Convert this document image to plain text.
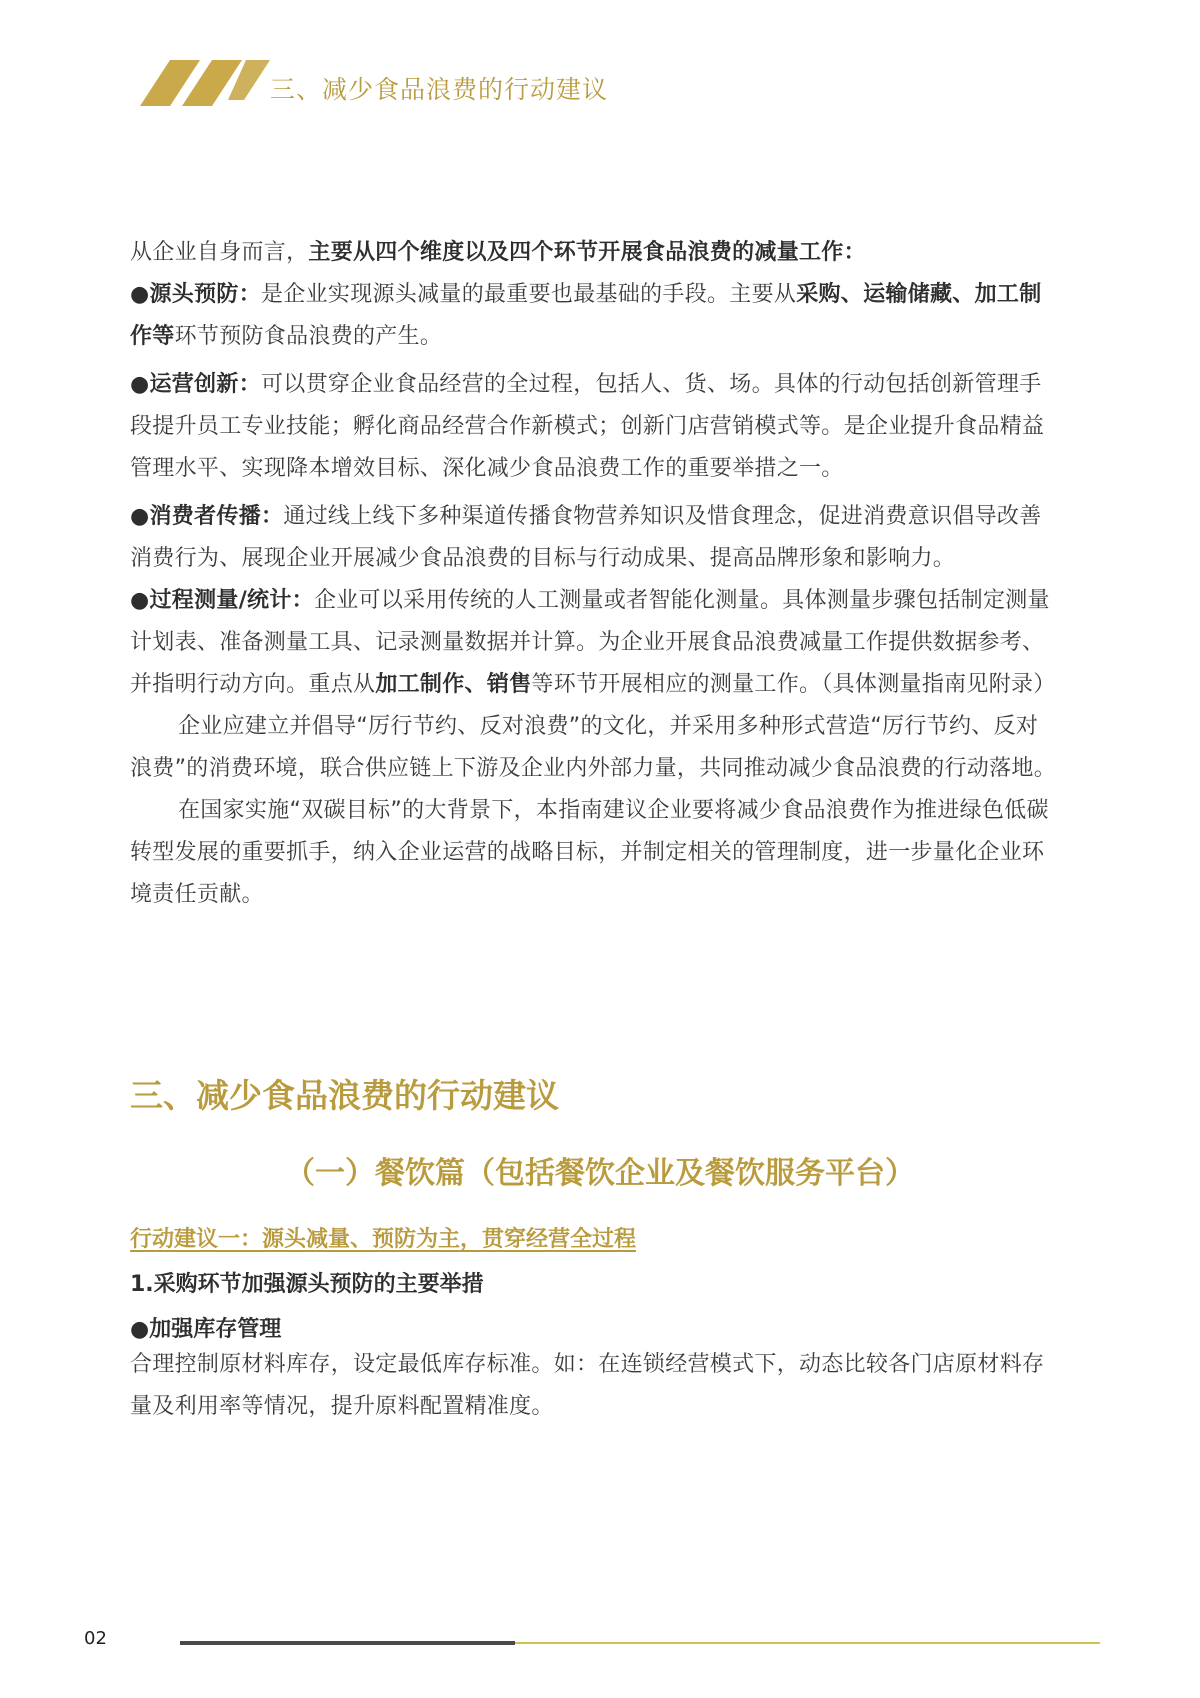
三、减少食品浪费的行动建议

从企业自身而言，主要从四个维度以及四个环节开展食品浪费的减量工作：

●源头预防：是企业实现源头减量的最重要也最基础的手段。主要从采购、运输储藏、加工制作等环节预防食品浪费的产生。

●运营创新：可以贯穿企业食品经营的全过程，包括人、货、场。具体的行动包括创新管理手段提升员工专业技能；孵化商品经营合作新模式；创新门店营销模式等。是企业提升食品精益管理水平、实现降本增效目标、深化减少食品浪费工作的重要举措之一。

●消费者传播：通过线上线下多种渠道传播食物营养知识及惜食理念，促进消费意识倡导改善消费行为、展现企业开展减少食品浪费的目标与行动成果、提高品牌形象和影响力。

●过程测量/统计：企业可以采用传统的人工测量或者智能化测量。具体测量步骤包括制定测量计划表、准备测量工具、记录测量数据并计算。为企业开展食品浪费减量工作提供数据参考、并指明行动方向。重点从加工制作、销售等环节开展相应的测量工作。（具体测量指南见附录）

企业应建立并倡导“厉行节约、反对浪费”的文化，并采用多种形式营造“厉行节约、反对浪费”的消费环境，联合供应链上下游及企业内外部力量，共同推动减少食品浪费的行动落地。

在国家实施“双碳目标”的大背景下，本指南建议企业要将减少食品浪费作为推进绿色低碳转型发展的重要抓手，纳入企业运营的战略目标，并制定相关的管理制度，进一步量化企业环境责任贡献。

三、减少食品浪费的行动建议
（一）餐饮篇（包括餐饮企业及餐饮服务平台）
行动建议一：源头减量、预防为主，贯穿经营全过程
1.采购环节加强源头预防的主要举措
●加强库存管理

合理控制原材料库存，设定最低库存标准。如：在连锁经营模式下，动态比较各门店原材料存量及利用率等情况，提升原料配置精准度。

02
